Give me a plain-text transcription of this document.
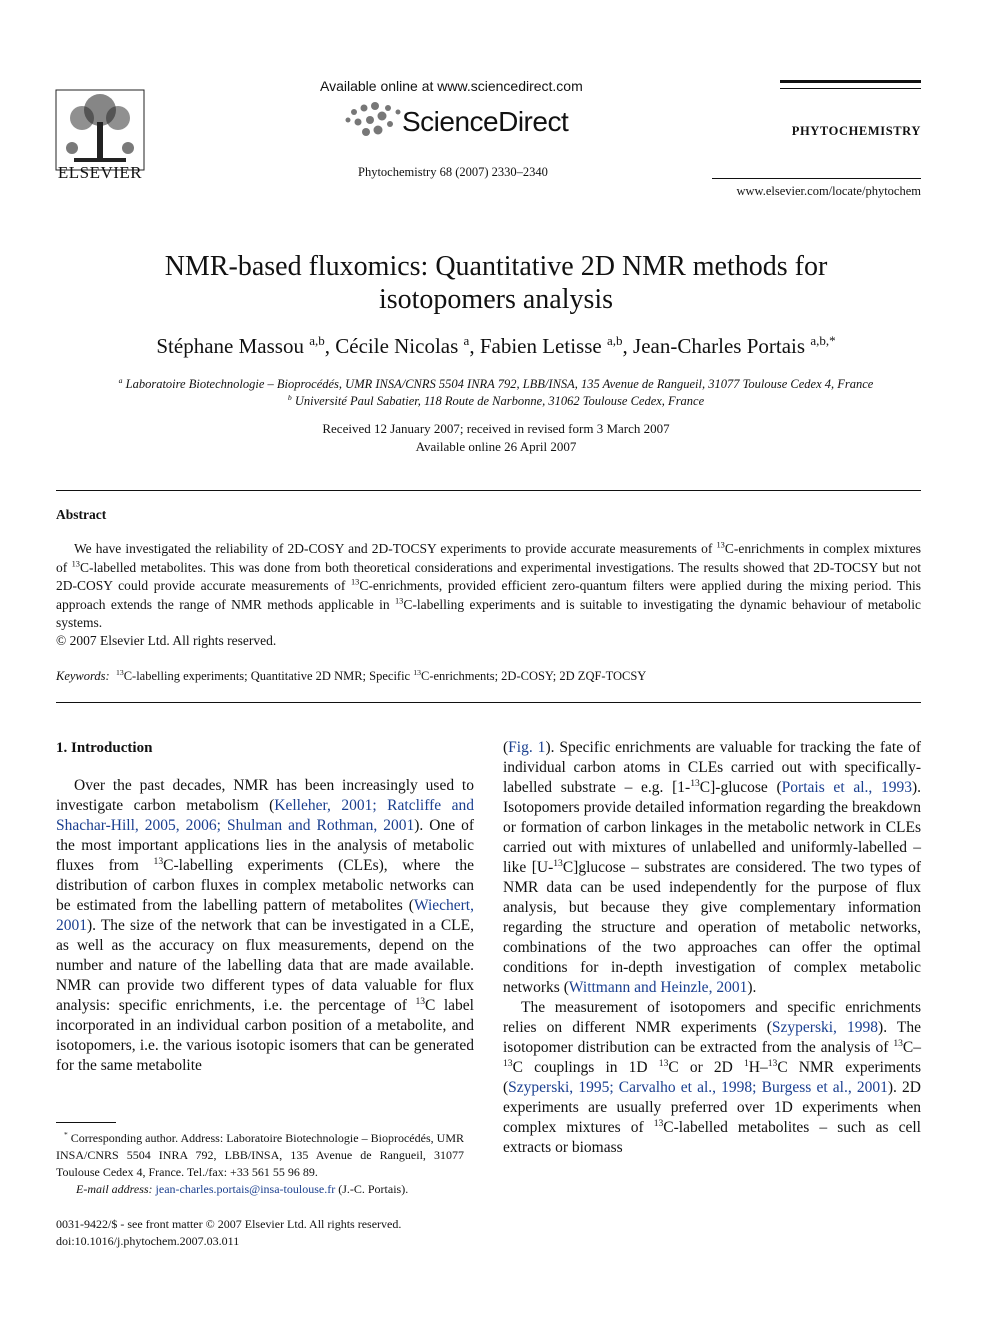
ELSEVIER
Available online at www.sciencedirect.com
ScienceDirect
Phytochemistry 68 (2007) 2330–2340
PHYTOCHEMISTRY
www.elsevier.com/locate/phytochem
NMR-based fluxomics: Quantitative 2D NMR methods for isotopomers analysis
Stéphane Massou $^{a,b}$, Cécile Nicolas $^a$, Fabien Letisse $^{a,b}$, Jean-Charles Portais $^{a,b,*}$
$^a$ Laboratoire Biotechnologie – Bioprocédés, UMR INSA/CNRS 5504 INRA 792, LBB/INSA, 135 Avenue de Rangueil, 31077 Toulouse Cedex 4, France
$^b$ Université Paul Sabatier, 118 Route de Narbonne, 31062 Toulouse Cedex, France
Received 12 January 2007; received in revised form 3 March 2007
Available online 26 April 2007
Abstract
We have investigated the reliability of 2D-COSY and 2D-TOCSY experiments to provide accurate measurements of $^{13}$C-enrichments in complex mixtures of $^{13}$C-labelled metabolites. This was done from both theoretical considerations and experimental investigations. The results showed that 2D-TOCSY but not 2D-COSY could provide accurate measurements of $^{13}$C-enrichments, provided efficient zero-quantum filters were applied during the mixing period. This approach extends the range of NMR methods applicable in $^{13}$C-labelling experiments and is suitable to investigating the dynamic behaviour of metabolic systems.
© 2007 Elsevier Ltd. All rights reserved.
Keywords: $^{13}$C-labelling experiments; Quantitative 2D NMR; Specific $^{13}$C-enrichments; 2D-COSY; 2D ZQF-TOCSY
1. Introduction

Over the past decades, NMR has been increasingly used to investigate carbon metabolism (Kelleher, 2001; Ratcliffe and Shachar-Hill, 2005, 2006; Shulman and Rothman, 2001). One of the most important applications lies in the analysis of metabolic fluxes from $^{13}$C-labelling experiments (CLEs), where the distribution of carbon fluxes in complex metabolic networks can be estimated from the labelling pattern of metabolites (Wiechert, 2001). The size of the network that can be investigated in a CLE, as well as the accuracy on flux measurements, depend on the number and nature of the labelling data that are made available. NMR can provide two different types of data valuable for flux analysis: specific enrichments, i.e. the percentage of $^{13}$C label incorporated in an individual carbon position of a metabolite, and isotopomers, i.e. the various isotopic isomers that can be generated for the same metabolite

(Fig. 1). Specific enrichments are valuable for tracking the fate of individual carbon atoms in CLEs carried out with specifically-labelled substrate – e.g. [1-$^{13}$C]-glucose (Portais et al., 1993). Isotopomers provide detailed information regarding the breakdown or formation of carbon linkages in the metabolic network in CLEs carried out with mixtures of unlabelled and uniformly-labelled – like [U-$^{13}$C]glucose – substrates are considered. The two types of NMR data can be used independently for the purpose of flux analysis, but because they give complementary information regarding the structure and operation of metabolic networks, combinations of the two approaches can offer the optimal conditions for in-depth investigation of complex metabolic networks (Wittmann and Heinzle, 2001).

The measurement of isotopomers and specific enrichments relies on different NMR experiments (Szyperski, 1998). The isotopomer distribution can be extracted from the analysis of $^{13}$C–$^{13}$C couplings in 1D $^{13}$C or 2D $^1$H–$^{13}$C NMR experiments (Szyperski, 1995; Carvalho et al., 1998; Burgess et al., 2001). 2D experiments are usually preferred over 1D experiments when complex mixtures of $^{13}$C-labelled metabolites – such as cell extracts or biomass

* Corresponding author. Address: Laboratoire Biotechnologie – Bioprocédés, UMR INSA/CNRS 5504 INRA 792, LBB/INSA, 135 Avenue de Rangueil, 31077 Toulouse Cedex 4, France. Tel./fax: +33 561 55 96 89.
E-mail address: jean-charles.portais@insa-toulouse.fr (J.-C. Portais).
0031-9422/$ - see front matter © 2007 Elsevier Ltd. All rights reserved.
doi:10.1016/j.phytochem.2007.03.011
